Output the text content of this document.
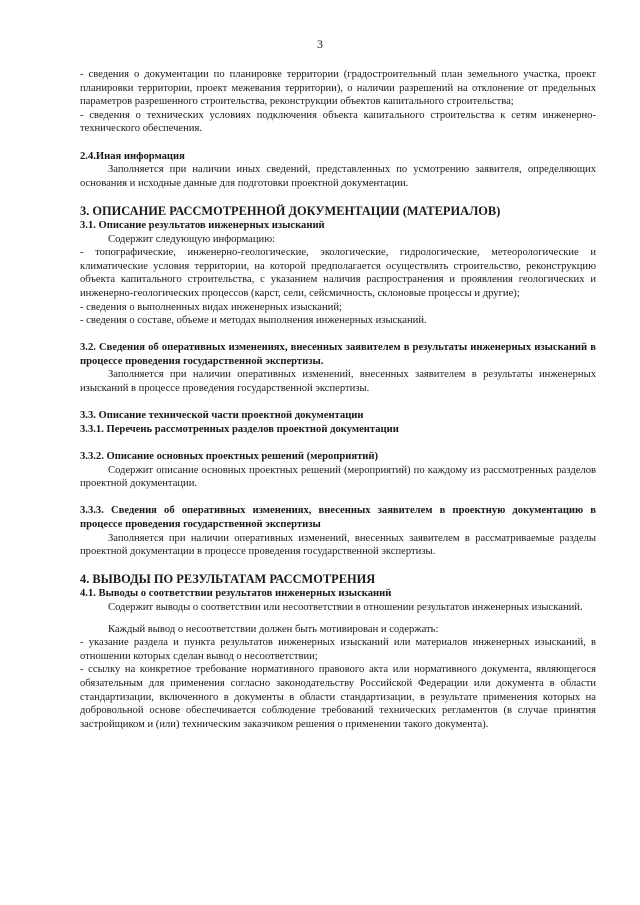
3

- сведения о документации по планировке территории (градостроительный план земельного участка, проект планировки территории, проект межевания территории), о наличии разрешений на отклонение от предельных параметров разрешенного строительства, реконструкции объектов капитального строительства;

- сведения о технических условиях подключения объекта капитального строительства к сетям инженерно-технического обеспечения.

2.4.Иная информация

Заполняется при наличии иных сведений, представленных по усмотрению заявителя, определяющих основания и исходные данные для подготовки проектной документации.

3. ОПИСАНИЕ РАССМОТРЕННОЙ ДОКУМЕНТАЦИИ (МАТЕРИАЛОВ)

3.1. Описание результатов инженерных изысканий

Содержит следующую информацию:

- топографические, инженерно-геологические, экологические, гидрологические, метеорологические и климатические условия территории, на которой предполагается осуществлять строительство, реконструкцию объекта капитального строительства, с указанием наличия распространения и проявления геологических и инженерно-геологических процессов (карст, сели, сейсмичность, склоновые процессы и другие);

- сведения о выполненных видах инженерных изысканий;

- сведения о составе, объеме и методах выполнения инженерных изысканий.

3.2. Сведения об оперативных изменениях, внесенных заявителем в результаты инженерных изысканий в процессе проведения государственной экспертизы.

Заполняется при наличии оперативных изменений, внесенных заявителем в результаты инженерных изысканий в процессе проведения государственной экспертизы.

3.3. Описание технической части проектной документации

3.3.1. Перечень рассмотренных разделов проектной документации

3.3.2. Описание основных проектных решений (мероприятий)

Содержит описание основных проектных решений (мероприятий) по каждому из рассмотренных разделов проектной документации.

3.3.3. Сведения об оперативных изменениях, внесенных заявителем в проектную документацию в процессе проведения государственной экспертизы

Заполняется при наличии оперативных изменений, внесенных заявителем в рассматриваемые разделы проектной документации в процессе проведения государственной экспертизы.

4. ВЫВОДЫ ПО РЕЗУЛЬТАТАМ РАССМОТРЕНИЯ

4.1. Выводы о соответствии результатов инженерных изысканий

Содержит выводы о соответствии или несоответствии в отношении результатов инженерных изысканий.

Каждый вывод о несоответствии должен быть мотивирован и содержать:

- указание раздела и пункта результатов инженерных изысканий или материалов инженерных изысканий, в отношении которых сделан вывод о несоответствии;

- ссылку на конкретное требование нормативного правового акта или нормативного документа, являющегося обязательным для применения согласно законодательству Российской Федерации или документа в области стандартизации, включенного в документы в области стандартизации, в результате применения которых на добровольной основе обеспечивается соблюдение требований технических регламентов (в случае принятия застройщиком и (или) техническим заказчиком решения о применении такого документа).
